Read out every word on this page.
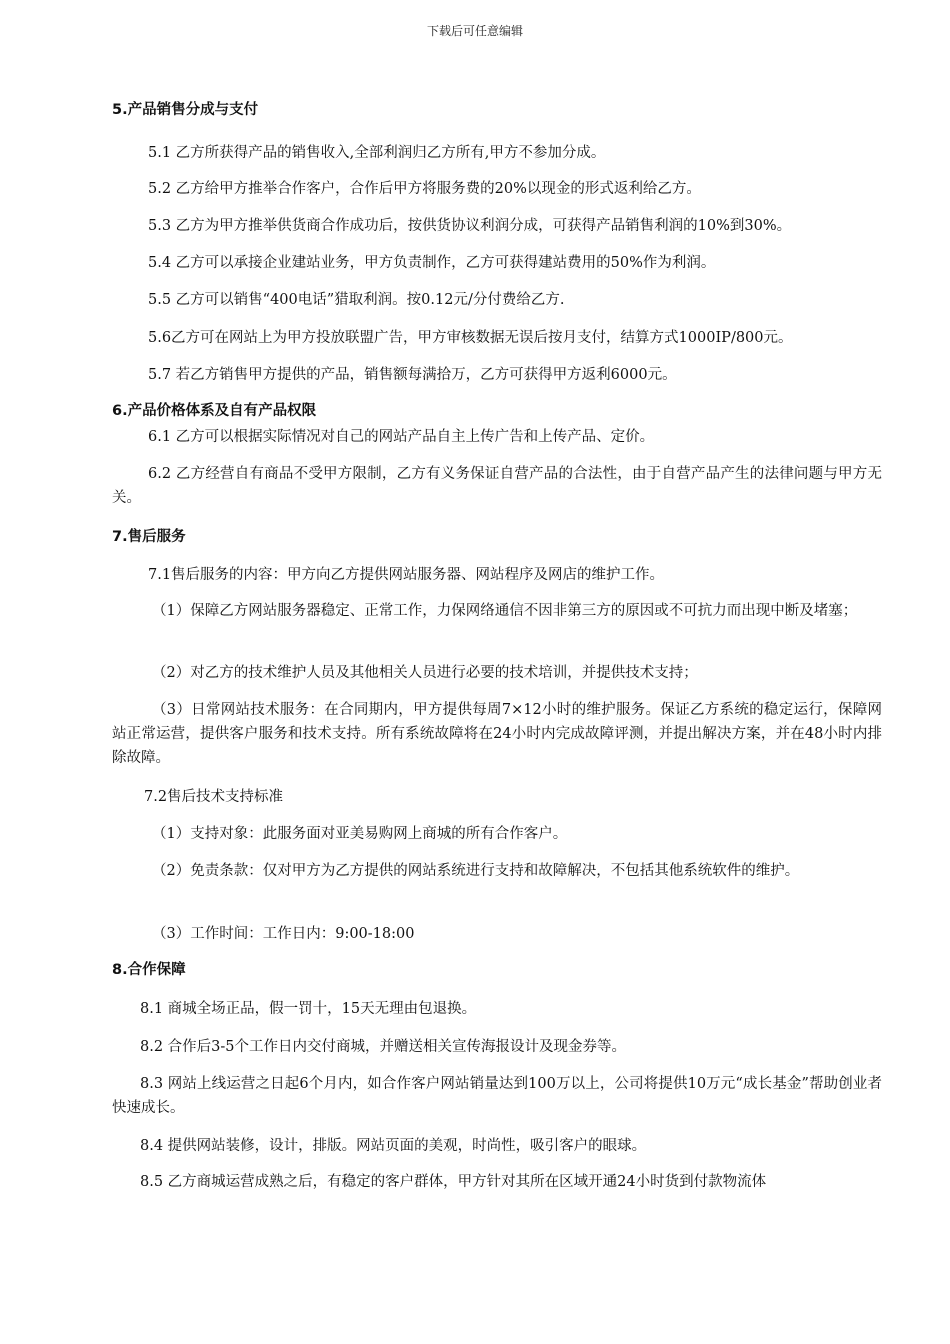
下载后可任意编辑
5.产品销售分成与支付
5.1 乙方所获得产品的销售收入,全部利润归乙方所有,甲方不参加分成。
5.2 乙方给甲方推举合作客户，合作后甲方将服务费的20%以现金的形式返利给乙方。
5.3 乙方为甲方推举供货商合作成功后，按供货协议利润分成，可获得产品销售利润的10%到30%。
5.4 乙方可以承接企业建站业务，甲方负责制作，乙方可获得建站费用的50%作为利润。
5.5 乙方可以销售“400电话”猎取利润。按0.12元/分付费给乙方.
5.6乙方可在网站上为甲方投放联盟广告，甲方审核数据无误后按月支付，结算方式1000IP/800元。
5.7 若乙方销售甲方提供的产品，销售额每满拾万，乙方可获得甲方返利6000元。
6.产品价格体系及自有产品权限
6.1 乙方可以根据实际情况对自己的网站产品自主上传广告和上传产品、定价。
6.2 乙方经营自有商品不受甲方限制，乙方有义务保证自营产品的合法性，由于自营产品产生的法律问题与甲方无关。
7.售后服务
7.1售后服务的内容：甲方向乙方提供网站服务器、网站程序及网店的维护工作。
（1）保障乙方网站服务器稳定、正常工作，力保网络通信不因非第三方的原因或不可抗力而出现中断及堵塞；
（2）对乙方的技术维护人员及其他相关人员进行必要的技术培训，并提供技术支持；
（3）日常网站技术服务：在合同期内，甲方提供每周7×12小时的维护服务。保证乙方系统的稳定运行，保障网站正常运营，提供客户服务和技术支持。所有系统故障将在24小时内完成故障评测，并提出解决方案，并在48小时内排除故障。
7.2售后技术支持标准
（1）支持对象：此服务面对亚美易购网上商城的所有合作客户。
（2）免责条款：仅对甲方为乙方提供的网站系统进行支持和故障解决，不包括其他系统软件的维护。
（3）工作时间：工作日内：9:00-18:00
8.合作保障
8.1 商城全场正品，假一罚十，15天无理由包退换。
8.2 合作后3-5个工作日内交付商城，并赠送相关宣传海报设计及现金券等。
8.3 网站上线运营之日起6个月内，如合作客户网站销量达到100万以上，公司将提供10万元“成长基金”帮助创业者快速成长。
8.4 提供网站装修，设计，排版。网站页面的美观，时尚性，吸引客户的眼球。
8.5 乙方商城运营成熟之后，有稳定的客户群体，甲方针对其所在区域开通24小时货到付款物流体
